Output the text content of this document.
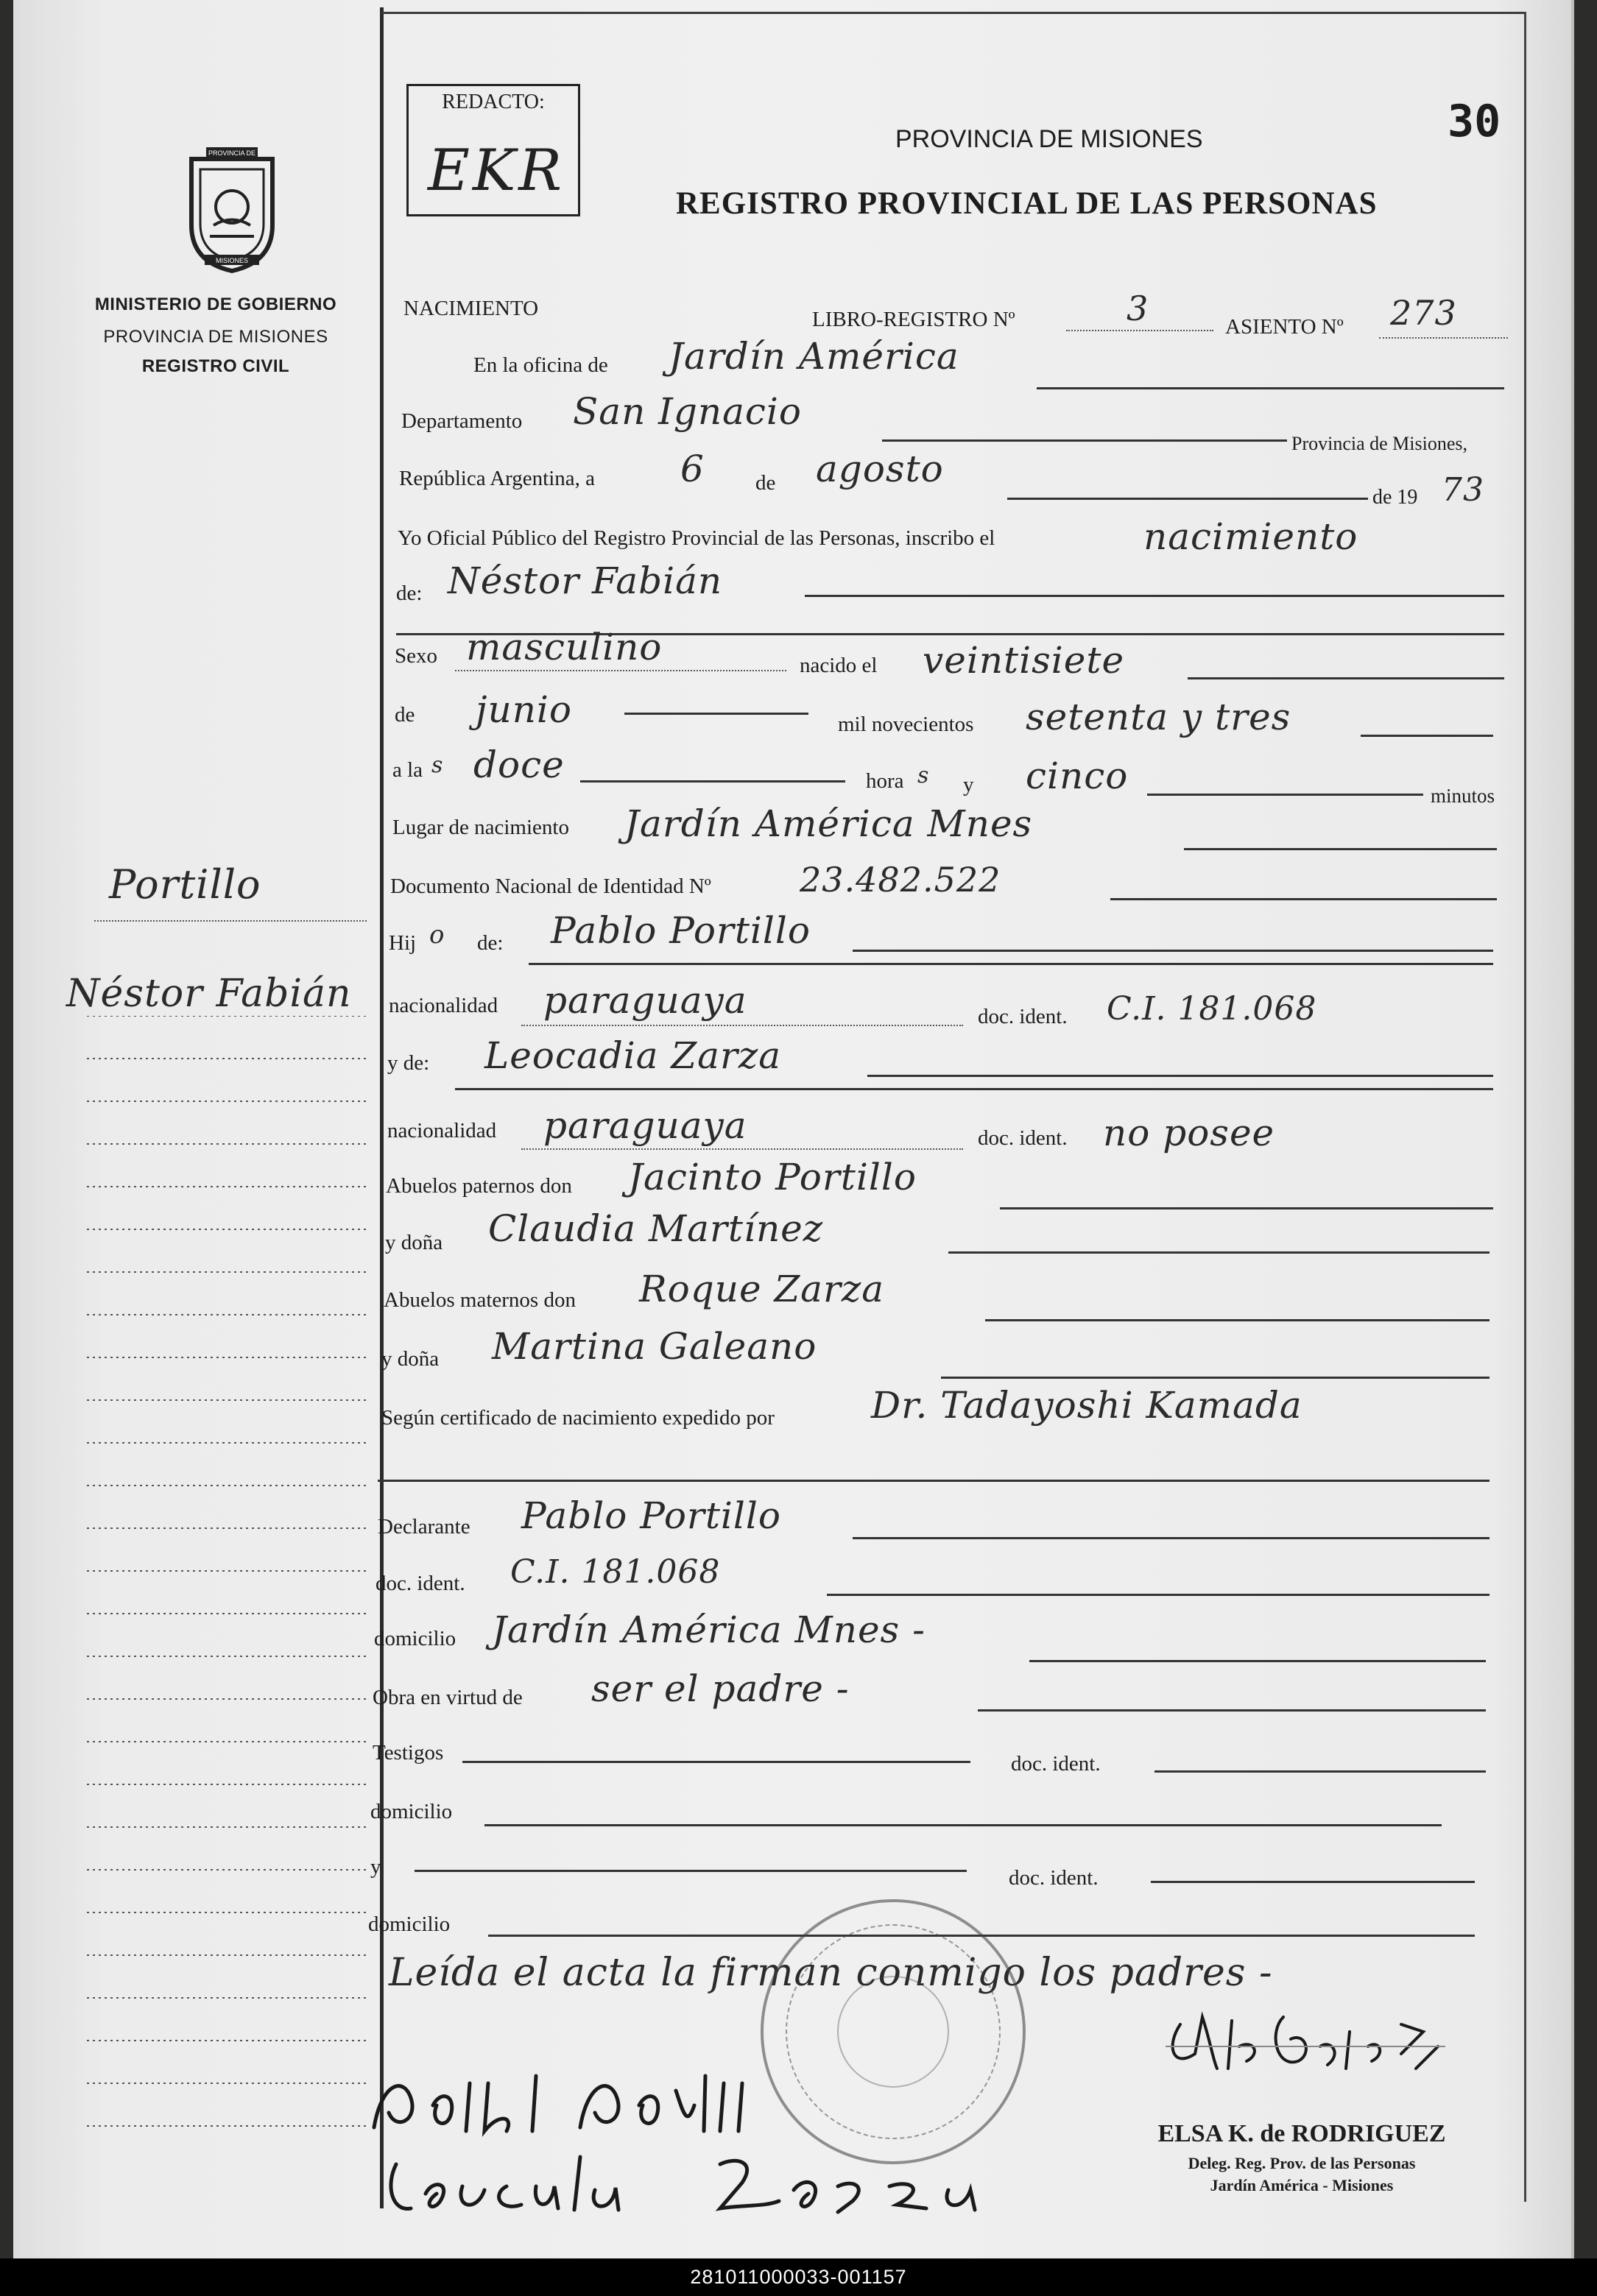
PROVINCIA DE
MISIONES
MINISTERIO DE GOBIERNO
PROVINCIA DE MISIONES
REGISTRO CIVIL
Portillo
Néstor Fabián
REDACTO:
EKR
30
PROVINCIA DE MISIONES
REGISTRO PROVINCIAL DE LAS PERSONAS
NACIMIENTO	LIBRO-REGISTRO Nº	3	ASIENTO Nº 273
En la oficina de Jardín América
Departamento San Ignacio
Provincia de Misiones,
República Argentina, a 6 de agosto
de 19 73
Yo Oficial Público del Registro Provincial de las Personas, inscribo el	nacimiento
de: Néstor Fabián
Sexo masculino	nacido el veintisiete
de junio	mil novecientos setenta y tres
a la s doce	hora s y cinco	minutos
Lugar de nacimiento Jardín América Mnes
Documento Nacional de Identidad Nº	23.482.522
Hij o de: Pablo Portillo
nacionalidad paraguaya	doc. ident. C.I. 181.068
y de: Leocadia Zarza
nacionalidad paraguaya	doc. ident. no posee
Abuelos paternos don Jacinto Portillo
y doña Claudia Martínez
Abuelos maternos don Roque Zarza
y doña Martina Galeano
Según certificado de nacimiento expedido por	Dr. Tadayoshi Kamada
Declarante Pablo Portillo
doc. ident. C.I. 181.068
domicilio Jardín América Mnes -
Obra en virtud de ser el padre -
Testigos	doc. ident.
domicilio
y	doc. ident.
domicilio
Leída el acta la firman conmigo los padres -
ELSA K. de RODRIGUEZ
Deleg. Reg. Prov. de las Personas
Jardín América - Misiones
281011000033-001157
